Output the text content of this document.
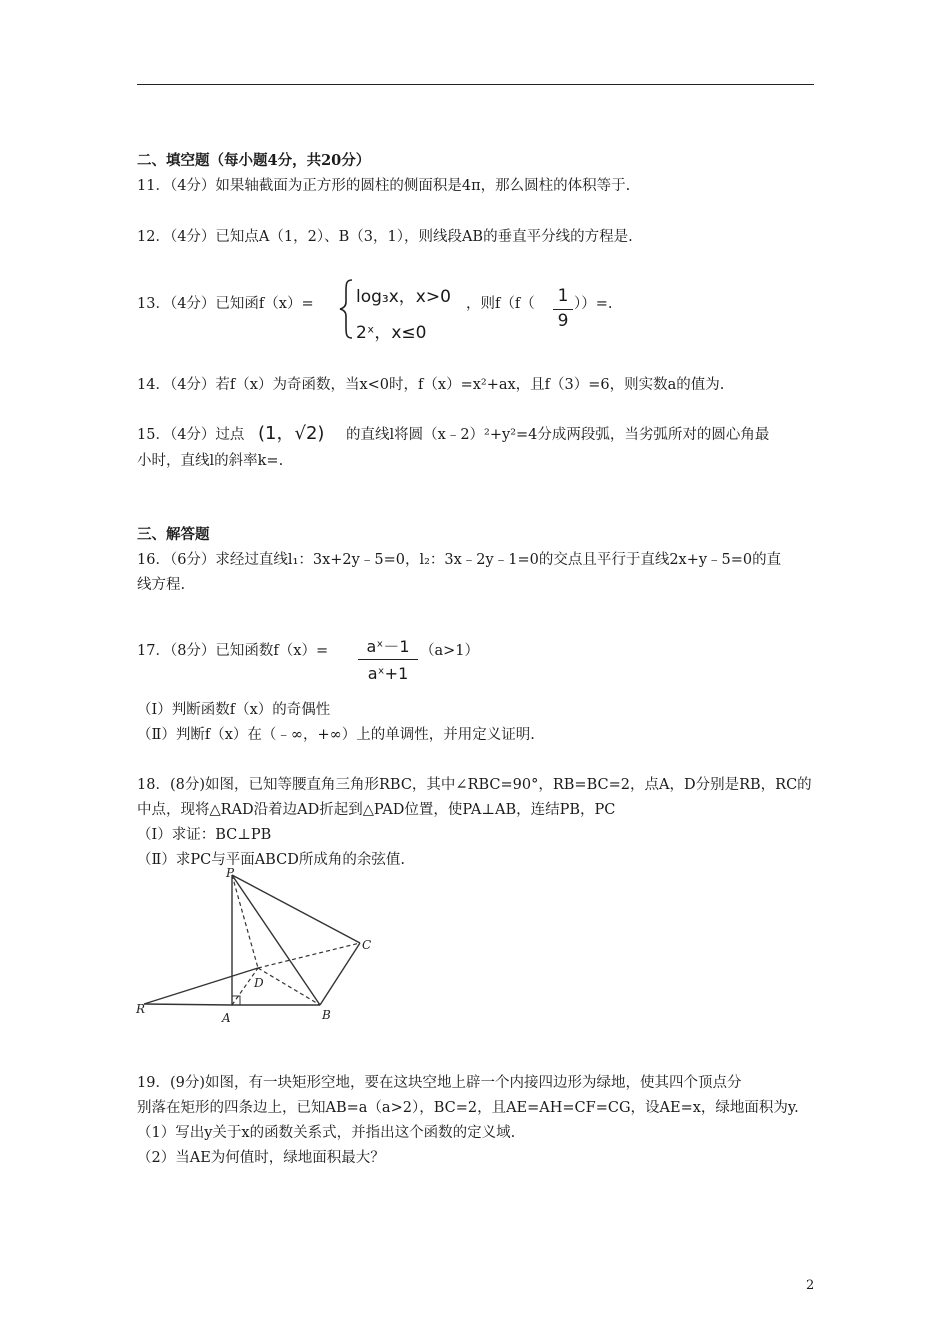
二、填空题（每小题4分，共20分）
11．（4分）如果轴截面为正方形的圆柱的侧面积是4π，那么圆柱的体积等于.
12．（4分）已知点A（1，2）、B（3，1），则线段AB的垂直平分线的方程是.
13．（4分）已知函f（x）= log₃x，x>0
2ˣ，x≤0
，则f（f（ 1
9
））=.
14．（4分）若f（x）为奇函数，当x<0时，f（x）=x²+ax，且f（3）=6，则实数a的值为.
15．（4分）过点 (1，√2) 的直线l将圆（x﹣2）²+y²=4分成两段弧，当劣弧所对的圆心角最
小时，直线l的斜率k=.
三、解答题
16．（6分）求经过直线l₁：3x+2y﹣5=0，l₂：3x﹣2y﹣1=0的交点且平行于直线2x+y﹣5=0的直
线方程.
17．（8分）已知函数f（x）=	aˣ－1
aˣ+1
（a>1）
（Ⅰ）判断函数f（x）的奇偶性
（Ⅱ）判断f（x）在（﹣∞，+∞）上的单调性，并用定义证明.
18．(8分)如图，已知等腰直角三角形RBC，其中∠RBC=90°，RB=BC=2，点A，D分别是RB，RC的
中点，现将△RAD沿着边AD折起到△PAD位置，使PA⊥AB，连结PB，PC
（Ⅰ）求证：BC⊥PB
（Ⅱ）求PC与平面ABCD所成角的余弦值.
P
C
D
R
A	B
19．(9分)如图，有一块矩形空地，要在这块空地上辟一个内接四边形为绿地，使其四个顶点分
别落在矩形的四条边上，已知AB=a（a>2），BC=2，且AE=AH=CF=CG，设AE=x，绿地面积为y.
（1）写出y关于x的函数关系式，并指出这个函数的定义域.
（2）当AE为何值时，绿地面积最大？
2
